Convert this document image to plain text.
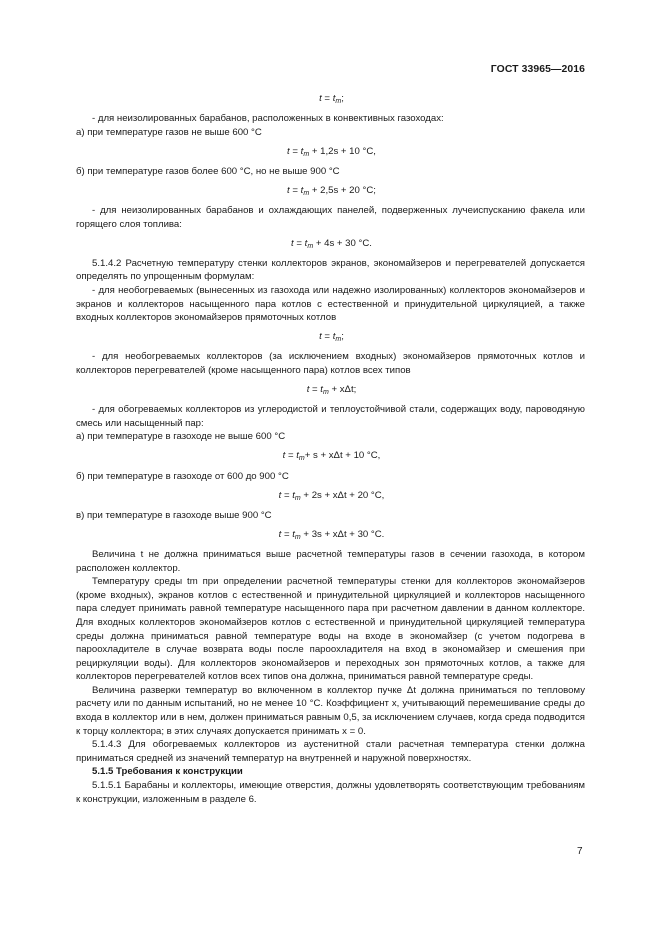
ГОСТ 33965—2016
$t = t_m$;

- для неизолированных барабанов, расположенных в конвективных газоходах:

а) при температуре газов не выше 600 °С

$t = t_m + 1,2s + 10$ °С,

б) при температуре газов более 600 °С, но не выше 900 °С

$t = t_m + 2,5s + 20$ °С;

- для неизолированных барабанов и охлаждающих панелей, подверженных лучеиспусканию факела или горящего слоя топлива:

$t = t_m + 4s + 30$ °С.

5.1.4.2 Расчетную температуру стенки коллекторов экранов, экономайзеров и перегревателей допускается определять по упрощенным формулам:

- для необогреваемых (вынесенных из газохода или надежно изолированных) коллекторов экономайзеров и экранов и коллекторов насыщенного пара котлов с естественной и принудительной циркуляцией, а также входных коллекторов экономайзеров прямоточных котлов

$t = t_m$;

- для необогреваемых коллекторов (за исключением входных) экономайзеров прямоточных котлов и коллекторов перегревателей (кроме насыщенного пара) котлов всех типов

$t = t_m + x\Delta t$;

- для обогреваемых коллекторов из углеродистой и теплоустойчивой стали, содержащих воду, пароводяную смесь или насыщенный пар:

а) при температуре в газоходе не выше 600 °С

$t = t_m+ s + x\Delta t + 10$ °С,

б) при температуре в газоходе от 600 до 900 °С

$t = t_m + 2s + x\Delta t + 20$ °С,

в) при температуре в газоходе выше 900 °С

$t = t_m + 3s + x\Delta t + 30$ °С.

Величина t не должна приниматься выше расчетной температуры газов в сечении газохода, в котором расположен коллектор.

Температуру среды tm при определении расчетной температуры стенки для коллекторов экономайзеров (кроме входных), экранов котлов с естественной и принудительной циркуляцией и коллекторов насыщенного пара следует принимать равной температуре насыщенного пара при расчетном давлении в данном коллекторе. Для входных коллекторов экономайзеров котлов с естественной и принудительной циркуляцией температура среды должна приниматься равной температуре воды на входе в экономайзер (с учетом подогрева в пароохладителе в случае возврата воды после пароохладителя на вход в экономайзер и смешения при рециркуляции воды). Для коллекторов экономайзеров и переходных зон прямоточных котлов, а также для коллекторов перегревателей котлов всех типов она должна, приниматься равной температуре среды.

Величина разверки температур во включенном в коллектор пучке Δt должна приниматься по тепловому расчету или по данным испытаний, но не менее 10 °С. Коэффициент x, учитывающий перемешивание среды до входа в коллектор или в нем, должен приниматься равным 0,5, за исключением случаев, когда среда подводится к торцу коллектора; в этих случаях допускается принимать x = 0.

5.1.4.3 Для обогреваемых коллекторов из аустенитной стали расчетная температура стенки должна приниматься средней из значений температур на внутренней и наружной поверхностях.

5.1.5 Требования к конструкции

5.1.5.1 Барабаны и коллекторы, имеющие отверстия, должны удовлетворять соответствующим требованиям к конструкции, изложенным в разделе 6.

7
